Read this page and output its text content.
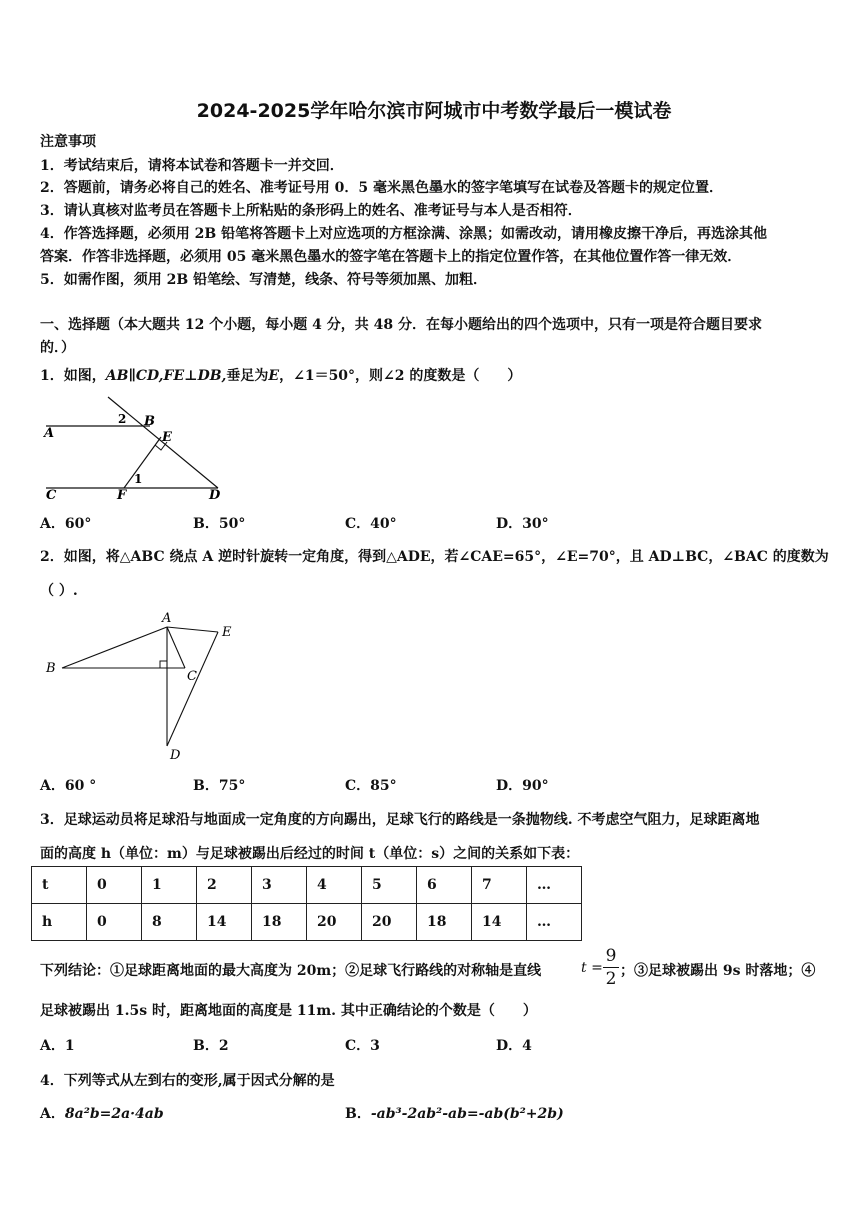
2024-2025学年哈尔滨市阿城市中考数学最后一模试卷
注意事项
1．考试结束后，请将本试卷和答题卡一并交回．
2．答题前，请务必将自己的姓名、准考证号用 0．5 毫米黑色墨水的签字笔填写在试卷及答题卡的规定位置．
3．请认真核对监考员在答题卡上所粘贴的条形码上的姓名、准考证号与本人是否相符．
4．作答选择题，必须用 2B 铅笔将答题卡上对应选项的方框涂满、涂黑；如需改动，请用橡皮擦干净后，再选涂其他
答案．作答非选择题，必须用 05 毫米黑色墨水的签字笔在答题卡上的指定位置作答，在其他位置作答一律无效．
5．如需作图，须用 2B 铅笔绘、写清楚，线条、符号等须加黑、加粗．
一、选择题（本大题共 12 个小题，每小题 4 分，共 48 分．在每小题给出的四个选项中，只有一项是符合题目要求
的．）
1．如图，AB∥CD,FE⊥DB,垂足为E，∠1＝50°，则∠2 的度数是（　　）
A
B
E
C	F	D
1
2
A．60°	B．50°	C．40°	D．30°
2．如图，将△ABC 绕点 A 逆时针旋转一定角度，得到△ADE，若∠CAE=65°，∠E=70°，且 AD⊥BC，∠BAC 的度数为
（ ）.
A
B
C
D
E
A．60 °	B．75°	C．85°	D．90°
3．足球运动员将足球沿与地面成一定角度的方向踢出，足球飞行的路线是一条抛物线. 不考虑空气阻力，足球距离地
面的高度 h（单位：m）与足球被踢出后经过的时间 t（单位：s）之间的关系如下表：
t	0	1	2	3	4	5	6	7	…
h	0	8	14	18	20	20	18	14	…
下列结论：①足球距离地面的最大高度为 20m；②足球飞行路线的对称轴是直线	t =
9
2 ；③足球被踢出 9s 时落地；④
足球被踢出 1.5s 时，距离地面的高度是 11m. 其中正确结论的个数是（　　）
A．1	B．2	C．3	D．4
4．下列等式从左到右的变形,属于因式分解的是
A．8a²b=2a·4ab	B．-ab³-2ab²-ab=-ab(b²+2b)
